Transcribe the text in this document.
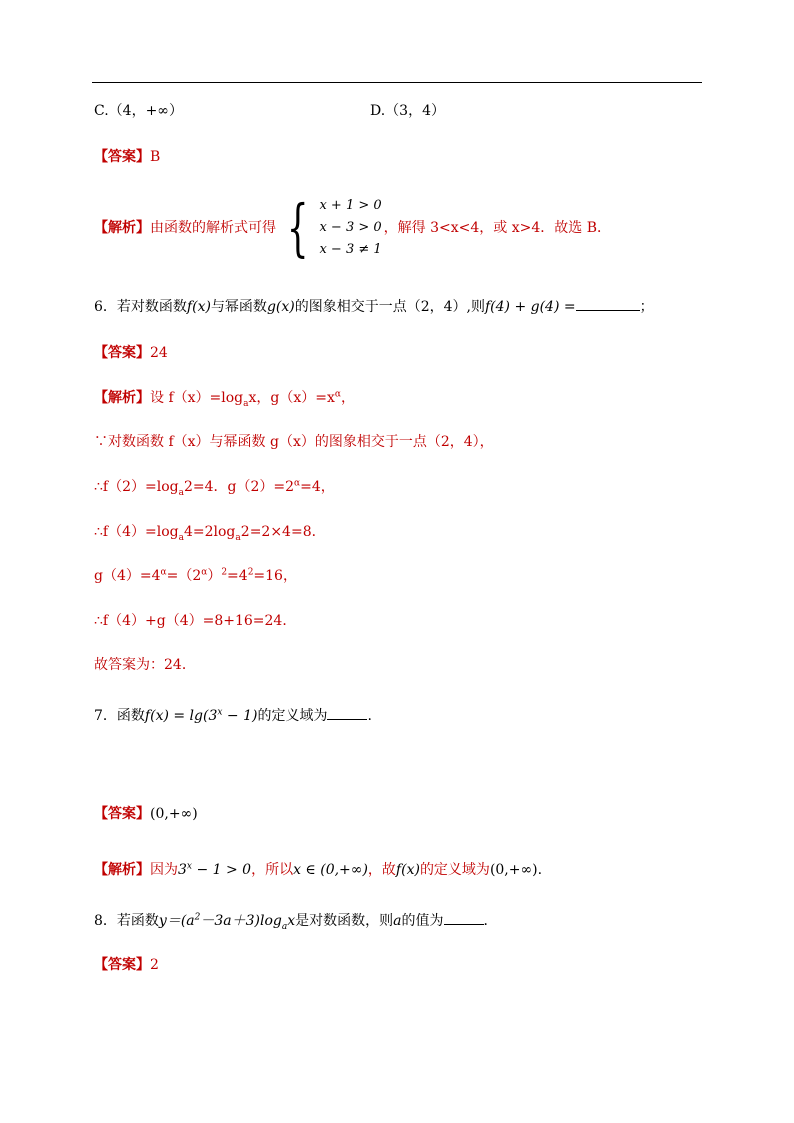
C.（4，+∞）	D.（3，4）
【答案】B
【解析】 由函数的解析式可得 { x + 1 > 0
x − 3 > 0
x − 3 ≠ 1
，解得 3<x<4，或 x>4．故选 B．
6．若对数函数f(x)与幂函数g(x)的图象相交于一点（2，4）,则f(4) + g(4) =	；
【答案】24
【解析】设 $f(x)=\log_ax$，$g(x)=x^\alpha$，
∵对数函数 f（x）与幂函数 g（x）的图象相交于一点（2，4），
$\therefore f(2)=\log_a2=4$．$g(2)=2^\alpha=4$，
$\therefore f(4)=\log_a4=2\log_a2=2\times 4=8$．
$g(4)=4^\alpha=(2^\alpha)^2=4^2=16$，
∴f（4）+g（4）=8+16=24．
故答案为：24．
7．函数$f(x) = \lg(3^x - 1)$的定义域为	.
【答案】(0,+∞)
【解析】因为$3^x - 1 > 0$，所以x ∈ (0,+∞)，故f(x)的定义域为(0,+∞).
8．若函数$y=(a^2-3a+3)\log_ax$是对数函数，则a的值为	．
【答案】2
